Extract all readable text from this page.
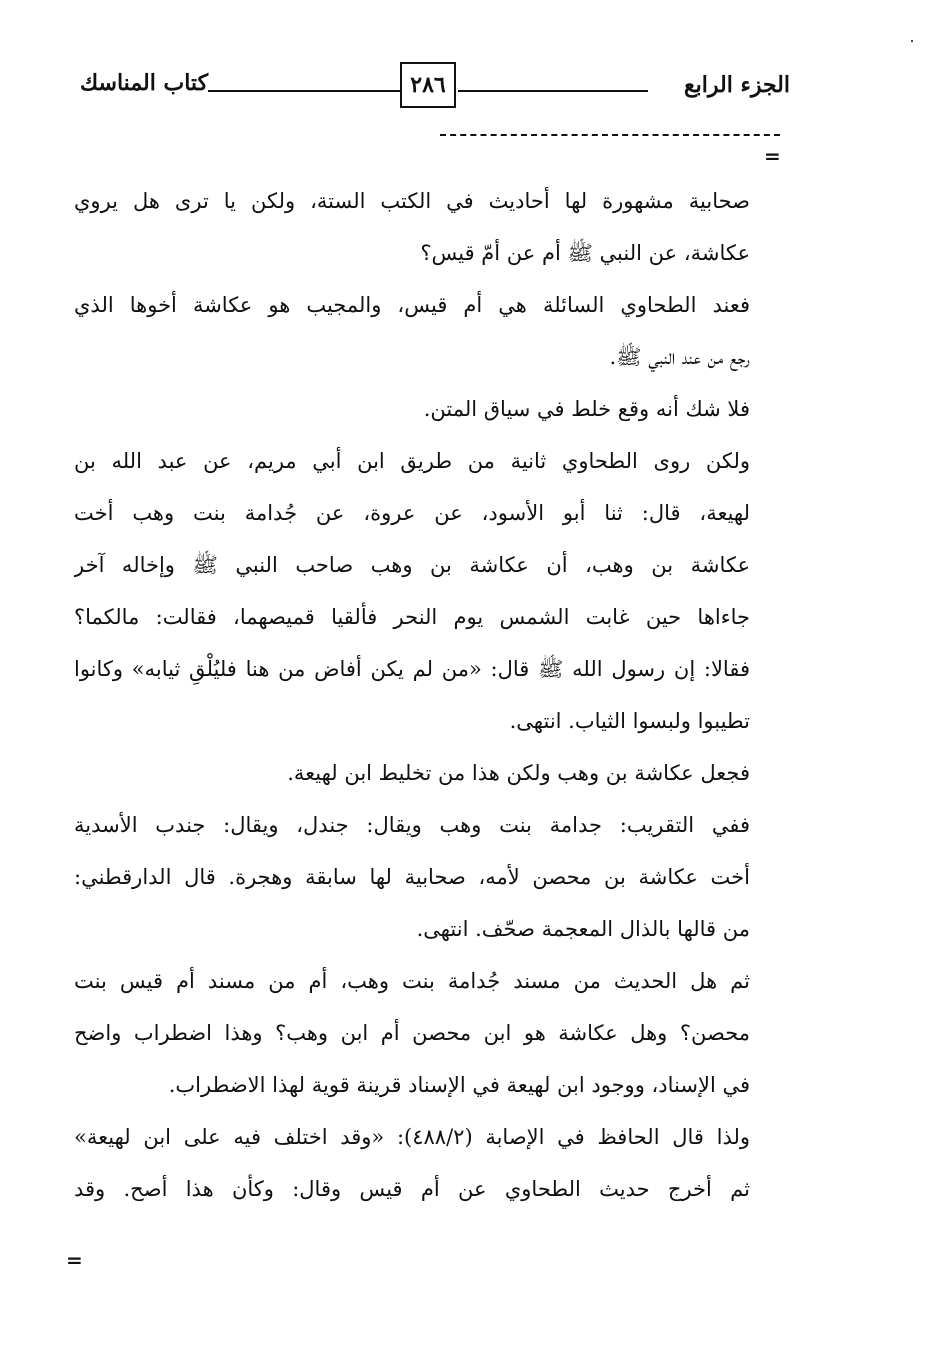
كتاب المناسك	٢٨٦	الجزء الرابع
=
صحابية مشهورة لها أحاديث في الكتب الستة، ولكن يا ترى هل يروي
عكاشة، عن النبي ﷺ أم عن أمّ قيس؟
فعند الطحاوي السائلة هي أم قيس، والمجيب هو عكاشة أخوها الذي
رجع من عند النبي ﷺ.
فلا شك أنه وقع خلط في سياق المتن.
ولكن روى الطحاوي ثانية من طريق ابن أبي مريم، عن عبد الله بن
لهيعة، قال: ثنا أبو الأسود، عن عروة، عن جُدامة بنت وهب أخت
عكاشة بن وهب، أن عكاشة بن وهب صاحب النبي ﷺ وإخاله آخر
جاءاها حين غابت الشمس يوم النحر فألقيا قميصهما، فقالت: مالكما؟
فقالا: إن رسول الله ﷺ قال: «من لم يكن أفاض من هنا فليُلْقِ ثيابه» وكانوا
تطيبوا ولبسوا الثياب. انتهى.
فجعل عكاشة بن وهب ولكن هذا من تخليط ابن لهيعة.
ففي التقريب: جدامة بنت وهب ويقال: جندل، ويقال: جندب الأسدية
أخت عكاشة بن محصن لأمه، صحابية لها سابقة وهجرة. قال الدارقطني:
من قالها بالذال المعجمة صحّف. انتهى.
ثم هل الحديث من مسند جُدامة بنت وهب، أم من مسند أم قيس بنت
محصن؟ وهل عكاشة هو ابن محصن أم ابن وهب؟ وهذا اضطراب واضح
في الإسناد، ووجود ابن لهيعة في الإسناد قرينة قوية لهذا الاضطراب.
ولذا قال الحافظ في الإصابة (٤٨٨/٢): «وقد اختلف فيه على ابن لهيعة»
ثم أخرج حديث الطحاوي عن أم قيس وقال: وكأن هذا أصح. وقد
=
